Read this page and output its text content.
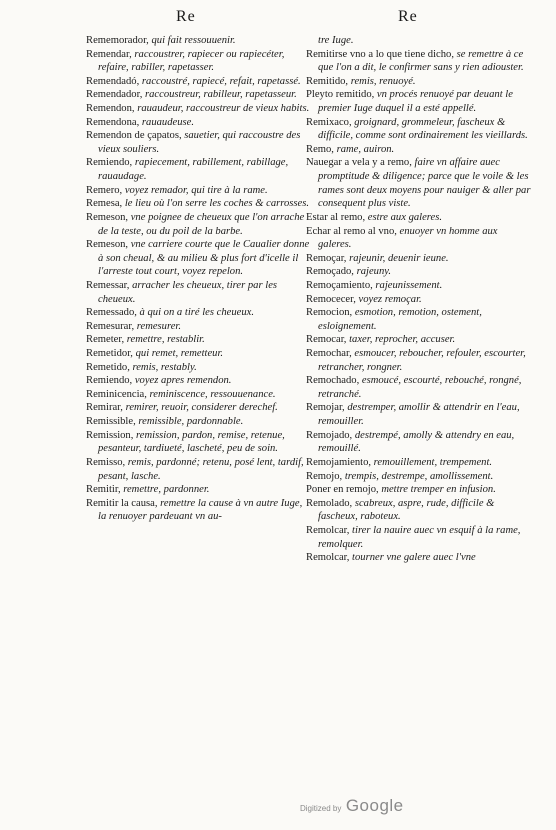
Re	Re

Rememorador, qui fait ressouuenir.

Remendar, raccoustrer, rapiecer ou rapiecéter, refaire, rabiller, rapetasser.

Remendadó, raccoustré, rapiecé, refait, rapetassé.

Remendador, raccoustreur, rabilleur, rapetasseur.

Remendon, rauaudeur, raccoustreur de vieux habits.

Remendona, rauaudeuse.

Remendon de çapatos, sauetier, qui raccoustre des vieux souliers.

Remiendo, rapiecement, rabillement, rabillage, rauaudage.

Remero, voyez remador, qui tire à la rame.

Remesa, le lieu où l'on serre les coches & carrosses.

Remeson, vne poignee de cheueux que l'on arrache de la teste, ou du poil de la barbe.

Remeson, vne carriere courte que le Caualier donne à son cheual, & au milieu & plus fort d'icelle il l'arreste tout court, voyez repelon.

Remessar, arracher les cheueux, tirer par les cheueux.

Remessado, à qui on a tiré les cheueux.

Remesurar, remesurer.

Remeter, remettre, restablir.

Remetidor, qui remet, remetteur.

Remetido, remis, restably.

Remiendo, voyez apres remendon.

Reminicencia, reminiscence, ressouuenance.

Remirar, remirer, reuoir, considerer derechef.

Remissible, remissible, pardonnable.

Remission, remission, pardon, remise, retenue, pesanteur, tardiueté, lascheté, peu de soin.

Remisso, remis, pardonné; retenu, posé lent, tardif, pesant, lasche.

Remitir, remettre, pardonner.

Remitir la causa, remettre la cause à vn autre Iuge, la renuoyer pardeuant vn au-

tre Iuge.

Remitirse vno a lo que tiene dicho, se remettre à ce que l'on a dit, le confirmer sans y rien adiouster.

Remitido, remis, renuoyé.

Pleyto remitido, vn procés renuoyé par deuant le premier Iuge duquel il a esté appellé.

Remixaco, groignard, grommeleur, fascheux & difficile, comme sont ordinairement les vieillards.

Remo, rame, auiron.

Nauegar a vela y a remo, faire vn affaire auec promptitude & diligence; parce que le voile & les rames sont deux moyens pour nauiger & aller par consequent plus viste.

Estar al remo, estre aux galeres.

Echar al remo al vno, enuoyer vn homme aux galeres.

Remoçar, rajeunir, deuenir ieune.

Remoçado, rajeuny.

Remoçamiento, rajeunissement.

Remocecer, voyez remoçar.

Remocion, esmotion, remotion, ostement, esloignement.

Remocar, taxer, reprocher, accuser.

Remochar, esmoucer, reboucher, refouler, escourter, retrancher, rongner.

Remochado, esmoucé, escourté, rebouché, rongné, retranché.

Remojar, destremper, amollir & attendrir en l'eau, remouiller.

Remojado, destrempé, amolly & attendry en eau, remouillé.

Remojamiento, remouillement, trempement.

Remojo, trempis, destrempe, amollissement.

Poner en remojo, mettre tremper en infusion.

Remolado, scabreux, aspre, rude, difficile & fascheux, raboteux.

Remolcar, tirer la nauire auec vn esquif à la rame, remolquer.

Remolcar, tourner vne galere auec l'vne

Digitized by Google
